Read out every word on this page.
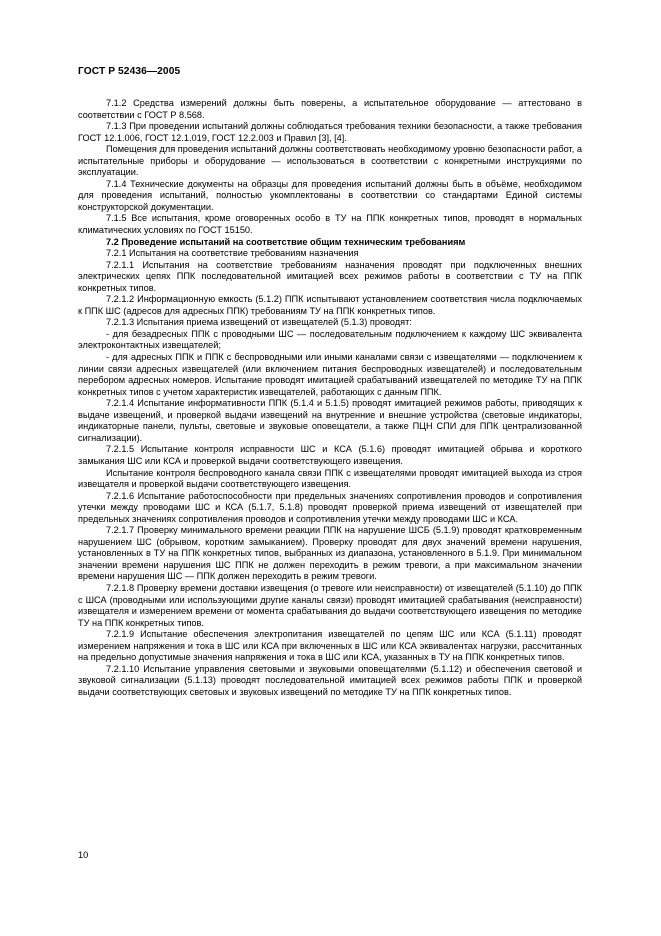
ГОСТ Р 52436—2005

7.1.2 Средства измерений должны быть поверены, а испытательное оборудование — аттестовано в соответствии с ГОСТ Р 8.568.

7.1.3 При проведении испытаний должны соблюдаться требования техники безопасности, а также требования ГОСТ 12.1.006, ГОСТ 12.1.019, ГОСТ 12.2.003 и Правил [3], [4].

Помещения для проведения испытаний должны соответствовать необходимому уровню безопасности работ, а испытательные приборы и оборудование — использоваться в соответствии с конкретными инструкциями по эксплуатации.

7.1.4 Технические документы на образцы для проведения испытаний должны быть в объёме, необходимом для проведения испытаний, полностью укомплектованы в соответствии со стандартами Единой системы конструкторской документации.

7.1.5 Все испытания, кроме оговоренных особо в ТУ на ППК конкретных типов, проводят в нормальных климатических условиях по ГОСТ 15150.

7.2 Проведение испытаний на соответствие общим техническим требованиям

7.2.1 Испытания на соответствие требованиям назначения

7.2.1.1 Испытания на соответствие требованиям назначения проводят при подключенных внешних электрических цепях ППК последовательной имитацией всех режимов работы в соответствии с ТУ на ППК конкретных типов.

7.2.1.2 Информационную емкость (5.1.2) ППК испытывают установлением соответствия числа подключаемых к ППК ШС (адресов для адресных ППК) требованиям ТУ на ППК конкретных типов.

7.2.1.3 Испытания приема извещений от извещателей (5.1.3) проводят:

- для безадресных ППК с проводными ШС — последовательным подключением к каждому ШС эквивалента электроконтактных извещателей;

- для адресных ППК и ППК с беспроводными или иными каналами связи с извещателями — подключением к линии связи адресных извещателей (или включением питания беспроводных извещателей) и последовательным перебором адресных номеров. Испытание проводят имитацией срабатываний извещателей по методике ТУ на ППК конкретных типов с учетом характеристик извещателей, работающих с данным ППК.

7.2.1.4 Испытание информативности ППК (5.1.4 и 5.1.5) проводят имитацией режимов работы, приводящих к выдаче извещений, и проверкой выдачи извещений на внутренние и внешние устройства (световые индикаторы, индикаторные панели, пульты, световые и звуковые оповещатели, а также ПЦН СПИ для ППК централизованной сигнализации).

7.2.1.5 Испытание контроля исправности ШС и КСА (5.1.6) проводят имитацией обрыва и короткого замыкания ШС или КСА и проверкой выдачи соответствующего извещения.

Испытание контроля беспроводного канала связи ППК с извещателями проводят имитацией выхода из строя извещателя и проверкой выдачи соответствующего извещения.

7.2.1.6 Испытание работоспособности при предельных значениях сопротивления проводов и сопротивления утечки между проводами ШС и КСА (5.1.7, 5.1.8) проводят проверкой приема извещений от извещателей при предельных значениях сопротивления проводов и сопротивления утечки между проводами ШС и КСА.

7.2.1.7 Проверку минимального времени реакции ППК на нарушение ШСБ (5.1.9) проводят кратковременным нарушением ШС (обрывом, коротким замыканием). Проверку проводят для двух значений времени нарушения, установленных в ТУ на ППК конкретных типов, выбранных из диапазона, установленного в 5.1.9. При минимальном значении времени нарушения ШС ППК не должен переходить в режим тревоги, а при максимальном значении времени нарушения ШС — ППК должен переходить в режим тревоги.

7.2.1.8 Проверку времени доставки извещения (о тревоге или неисправности) от извещателей (5.1.10) до ППК с ШСА (проводными или использующими другие каналы связи) проводят имитацией срабатывания (неисправности) извещателя и измерением времени от момента срабатывания до выдачи соответствующего извещения по методике ТУ на ППК конкретных типов.

7.2.1.9 Испытание обеспечения электропитания извещателей по цепям ШС или КСА (5.1.11) проводят измерением напряжения и тока в ШС или КСА при включенных в ШС или КСА эквивалентах нагрузки, рассчитанных на предельно допустимые значения напряжения и тока в ШС или КСА, указанных в ТУ на ППК конкретных типов.

7.2.1.10 Испытание управления световыми и звуковыми оповещателями (5.1.12) и обеспечения световой и звуковой сигнализации (5.1.13) проводят последовательной имитацией всех режимов работы ППК и проверкой выдачи соответствующих световых и звуковых извещений по методике ТУ на ППК конкретных типов.

10
